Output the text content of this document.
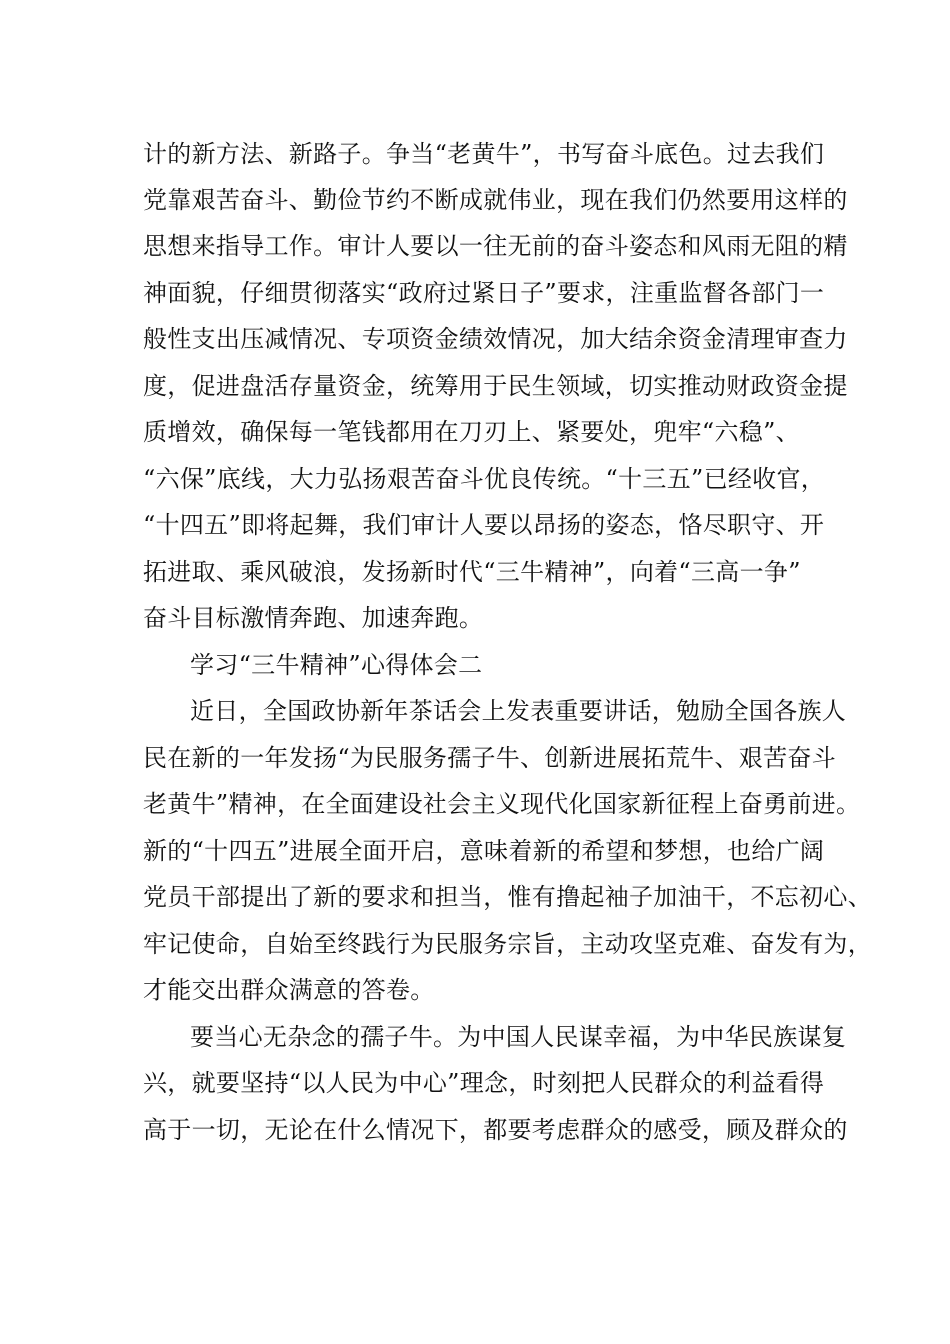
计的新方法、新路子。争当“老黄牛”，书写奋斗底色。过去我们
党靠艰苦奋斗、勤俭节约不断成就伟业，现在我们仍然要用这样的
思想来指导工作。审计人要以一往无前的奋斗姿态和风雨无阻的精
神面貌，仔细贯彻落实“政府过紧日子”要求，注重监督各部门一
般性支出压减情况、专项资金绩效情况，加大结余资金清理审查力
度，促进盘活存量资金，统筹用于民生领域，切实推动财政资金提
质增效，确保每一笔钱都用在刀刃上、紧要处，兜牢“六稳”、
“六保”底线，大力弘扬艰苦奋斗优良传统。“十三五”已经收官，
“十四五”即将起舞，我们审计人要以昂扬的姿态，恪尽职守、开
拓进取、乘风破浪，发扬新时代“三牛精神”，向着“三高一争”
奋斗目标激情奔跑、加速奔跑。
学习“三牛精神”心得体会二
近日，全国政协新年茶话会上发表重要讲话，勉励全国各族人
民在新的一年发扬“为民服务孺子牛、创新进展拓荒牛、艰苦奋斗
老黄牛”精神，在全面建设社会主义现代化国家新征程上奋勇前进。
新的“十四五”进展全面开启，意味着新的希望和梦想，也给广阔
党员干部提出了新的要求和担当，惟有撸起袖子加油干，不忘初心、
牢记使命，自始至终践行为民服务宗旨，主动攻坚克难、奋发有为，
才能交出群众满意的答卷。
要当心无杂念的孺子牛。为中国人民谋幸福，为中华民族谋复
兴，就要坚持“以人民为中心”理念，时刻把人民群众的利益看得
高于一切，无论在什么情况下，都要考虑群众的感受，顾及群众的
